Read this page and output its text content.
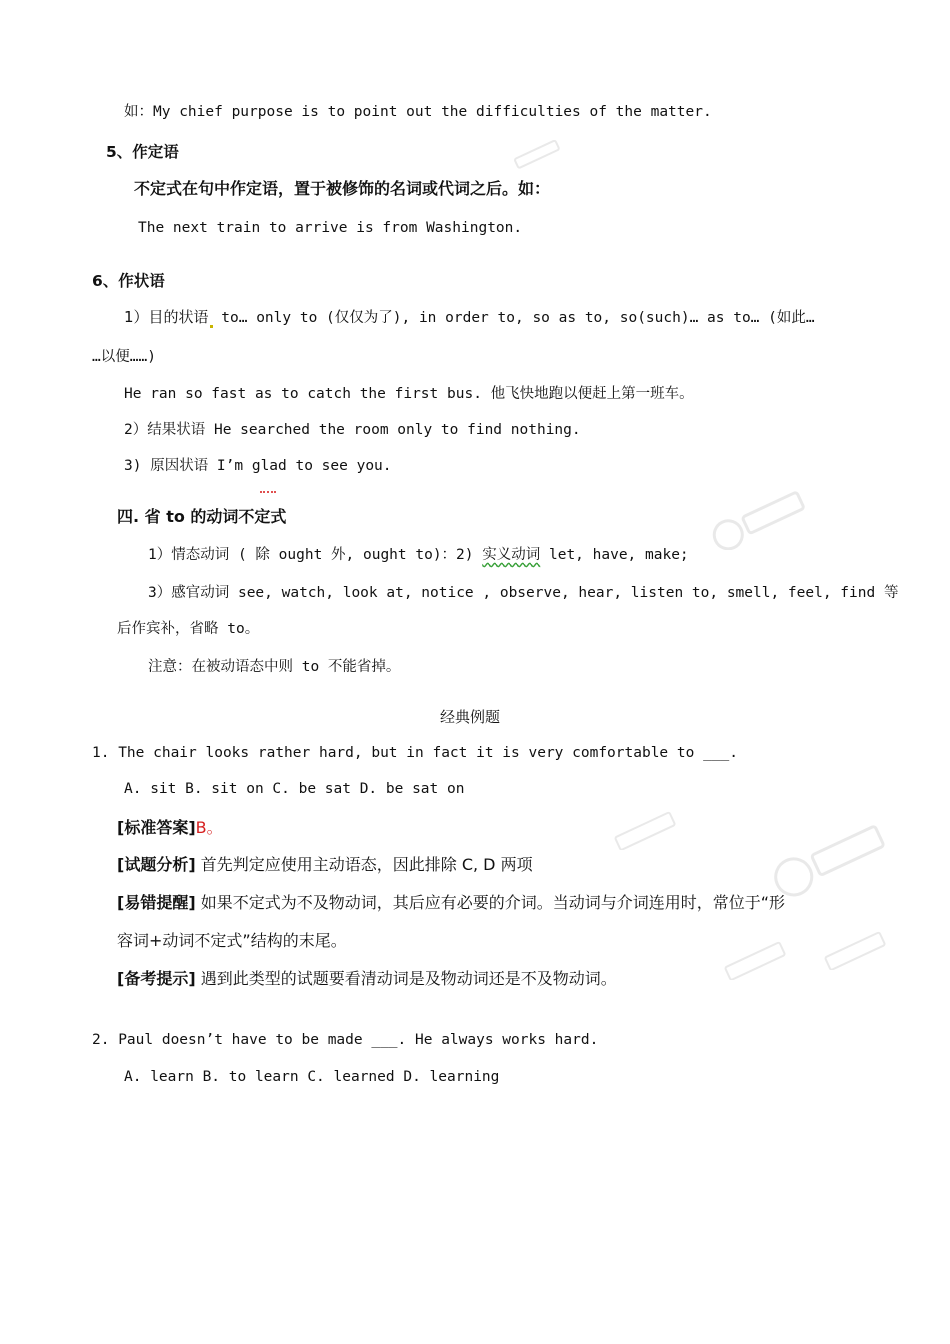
如：My chief purpose is to point out the difficulties of the matter.
5、作定语
不定式在句中作定语，置于被修饰的名词或代词之后。如：
The next train to arrive is from Washington.
6、作状语
1）目的状语 to… only to (仅仅为了), in order to, so as to, so(such)… as to… (如此…
…以便……)
He ran so fast as to catch the first bus. 他飞快地跑以便赶上第一班车。
2）结果状语 He searched the room only to find nothing.
3) 原因状语 I’m glad to see you.
四. 省 to 的动词不定式
1）情态动词 ( 除 ought 外, ought to)：2) 实义动词 let, have, make;
3）感官动词 see, watch, look at, notice , observe, hear, listen to, smell, feel, find 等
后作宾补，省略 to。
注意：在被动语态中则 to 不能省掉。
经典例题
1. The chair looks rather hard, but in fact it is very comfortable to ___.
A. sit B. sit on C. be sat D. be sat on
[标准答案]B。
[试题分析] 首先判定应使用主动语态，因此排除 C, D 两项
[易错提醒] 如果不定式为不及物动词，其后应有必要的介词。当动词与介词连用时，常位于“形
容词+动词不定式”结构的末尾。
[备考提示] 遇到此类型的试题要看清动词是及物动词还是不及物动词。
2. Paul doesn’t have to be made ___. He always works hard.
A. learn B. to learn C. learned D. learning
